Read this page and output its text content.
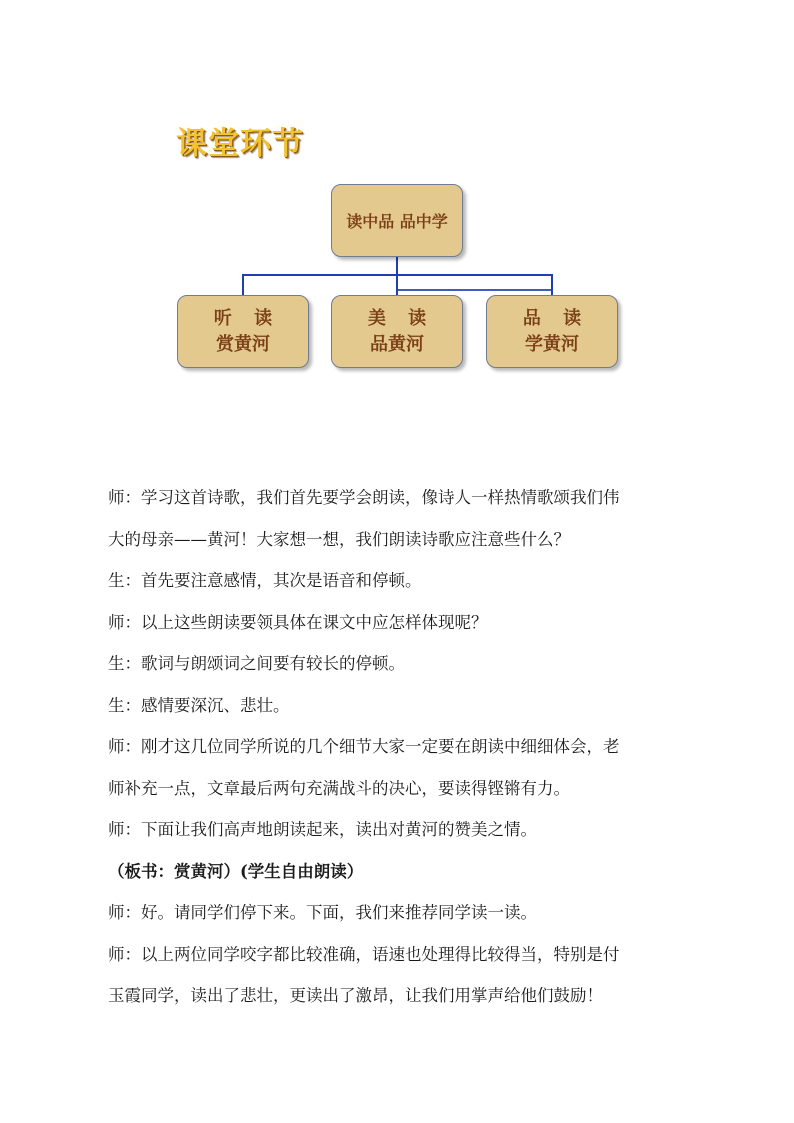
课堂环节
读中品 品中学
听 读
赏黄河
美 读
品黄河
品 读
学黄河

师：学习这首诗歌，我们首先要学会朗读，像诗人一样热情歌颂我们伟

大的母亲——黄河！大家想一想，我们朗读诗歌应注意些什么？

生：首先要注意感情，其次是语音和停顿。

师：以上这些朗读要领具体在课文中应怎样体现呢？

生：歌词与朗颂词之间要有较长的停顿。

生：感情要深沉、悲壮。

师：刚才这几位同学所说的几个细节大家一定要在朗读中细细体会，老

师补充一点，文章最后两句充满战斗的决心，要读得铿锵有力。

师：下面让我们高声地朗读起来，读出对黄河的赞美之情。

（板书：赏黄河）(学生自由朗读）

师：好。请同学们停下来。下面，我们来推荐同学读一读。

师：以上两位同学咬字都比较准确，语速也处理得比较得当，特别是付

玉霞同学，读出了悲壮，更读出了激昂，让我们用掌声给他们鼓励！
